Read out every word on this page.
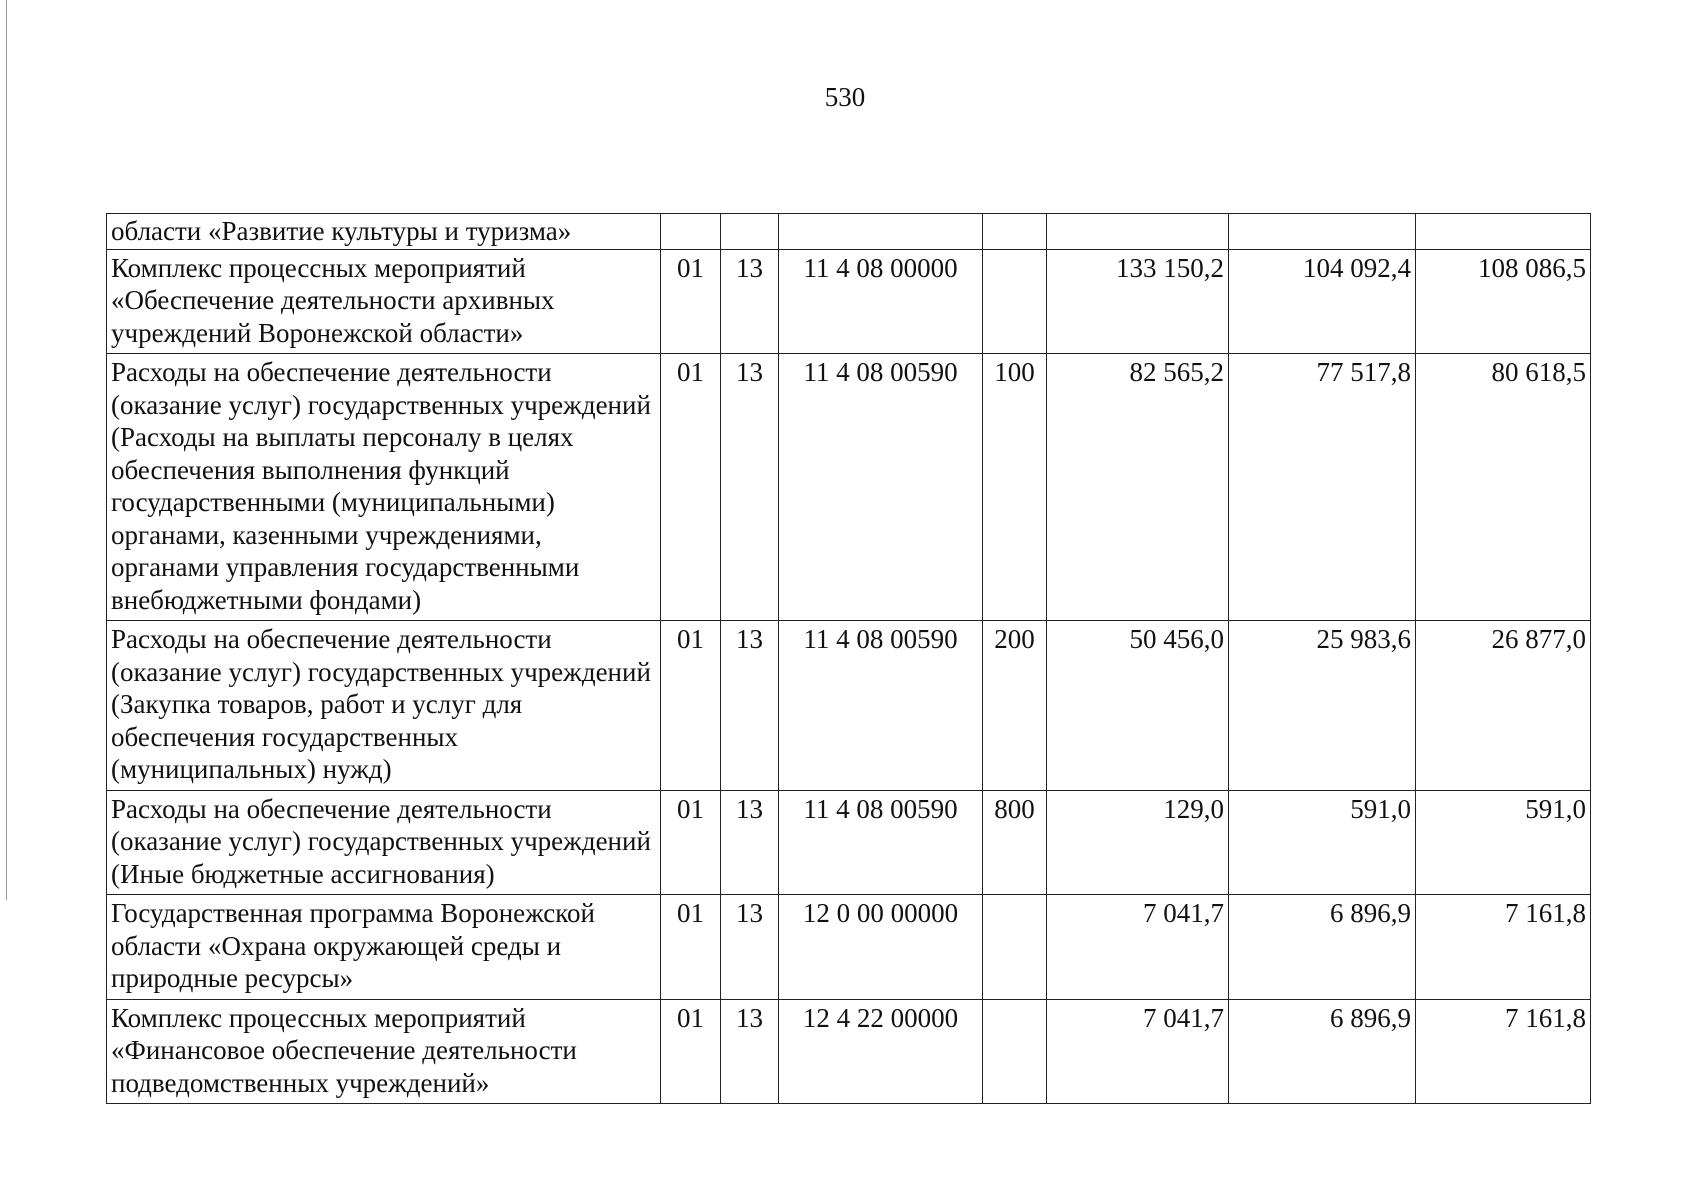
530
области «Развитие культуры и туризма»							
Комплекс процессных мероприятий «Обеспечение деятельности архивных учреждений Воронежской области»	01	13	11 4 08 00000		133 150,2	104 092,4	108 086,5
Расходы на обеспечение деятельности (оказание услуг) государственных учреждений (Расходы на выплаты персоналу в целях обеспечения выполнения функций государственными (муниципальными) органами, казенными учреждениями, органами управления государственными внебюджетными фондами)	01	13	11 4 08 00590	100	82 565,2	77 517,8	80 618,5
Расходы на обеспечение деятельности (оказание услуг) государственных учреждений (Закупка товаров, работ и услуг для обеспечения государственных (муниципальных) нужд)	01	13	11 4 08 00590	200	50 456,0	25 983,6	26 877,0
Расходы на обеспечение деятельности (оказание услуг) государственных учреждений (Иные бюджетные ассигнования)	01	13	11 4 08 00590	800	129,0	591,0	591,0
Государственная программа Воронежской области «Охрана окружающей среды и природные ресурсы»	01	13	12 0 00 00000		7 041,7	6 896,9	7 161,8
Комплекс процессных мероприятий «Финансовое обеспечение деятельности подведомственных учреждений»	01	13	12 4 22 00000		7 041,7	6 896,9	7 161,8
